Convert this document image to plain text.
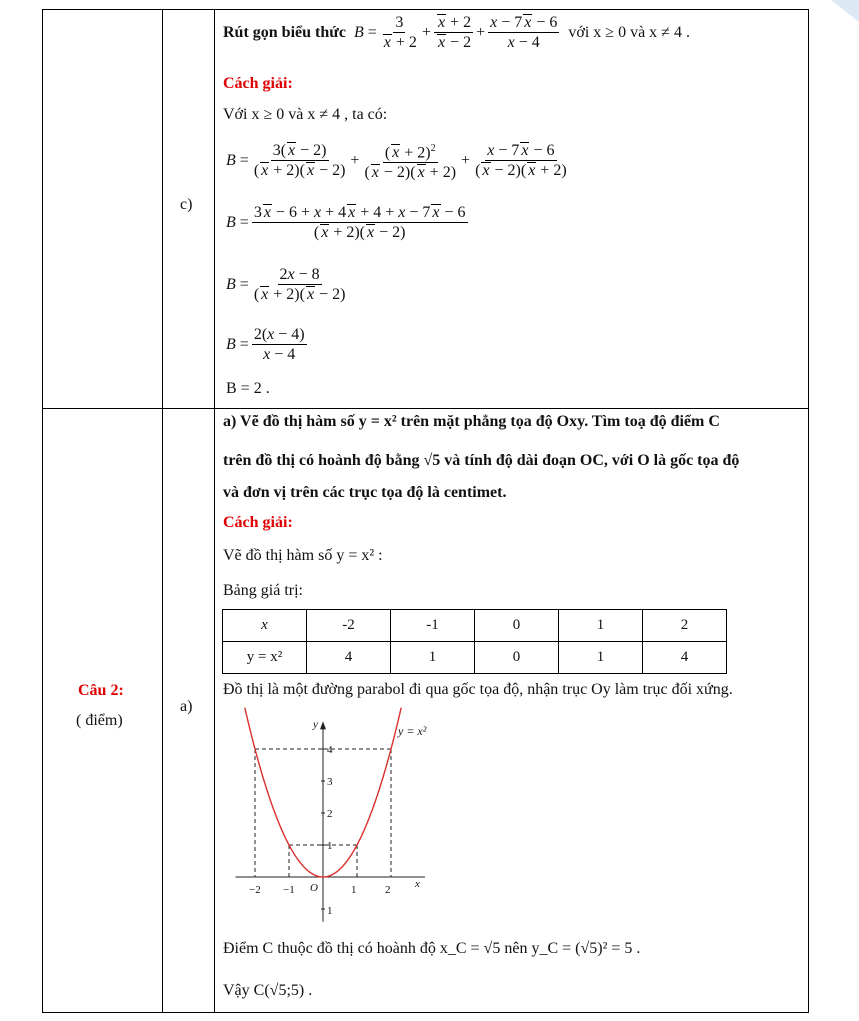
c)
Rút gọn biểu thức $B = \frac{3}{x + 2} + \frac{x + 2}{x - 2} + \frac{x - 7 x - 6}{x - 4}$ với x ≥ 0 và x ≠ 4 .
Cách giải:
Với x ≥ 0 và x ≠ 4 , ta có:
$B = \frac{3( x - 2)}{( x + 2)( x - 2)} + \frac{( x + 2)^2}{( x - 2)( x + 2)} + \frac{x - 7 x - 6}{( x - 2)( x + 2)}$
$B = \frac{3 x - 6 + x + 4 x + 4 + x - 7 x - 6}{( x + 2)( x - 2)}$
$B = \frac{2x - 8}{( x + 2)( x - 2)}$
$B = \frac{2(x - 4)}{x - 4}$
B = 2 .
Câu 2:
( điểm)
a)
a) Vẽ đồ thị hàm số y = x² trên mặt phẳng tọa độ Oxy. Tìm toạ độ điểm C
trên đồ thị có hoành độ bằng √5 và tính độ dài đoạn OC, với O là gốc tọa độ
và đơn vị trên các trục tọa độ là centimet.
Cách giải:
Vẽ đồ thị hàm số y = x² :
Bảng giá trị:
x	-2	-1	0	1	2
y = x²	4	1	0	1	4
Đồ thị là một đường parabol đi qua gốc tọa độ, nhận trục Oy làm trục đối xứng.
x
y
O
y = x²
−2 −1	1	2
1
2
3
4
1
Điểm C thuộc đồ thị có hoành độ x_C = √5 nên y_C = (√5)² = 5 .
Vậy C(√5;5) .
